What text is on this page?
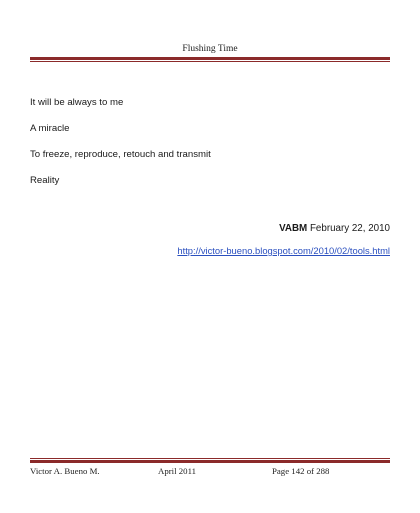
Flushing Time
It will be always to me
A miracle
To freeze, reproduce, retouch and transmit
Reality
VABM February 22, 2010
http://victor-bueno.blogspot.com/2010/02/tools.html
Victor A. Bueno M.	April 2011	Page 142 of 288
